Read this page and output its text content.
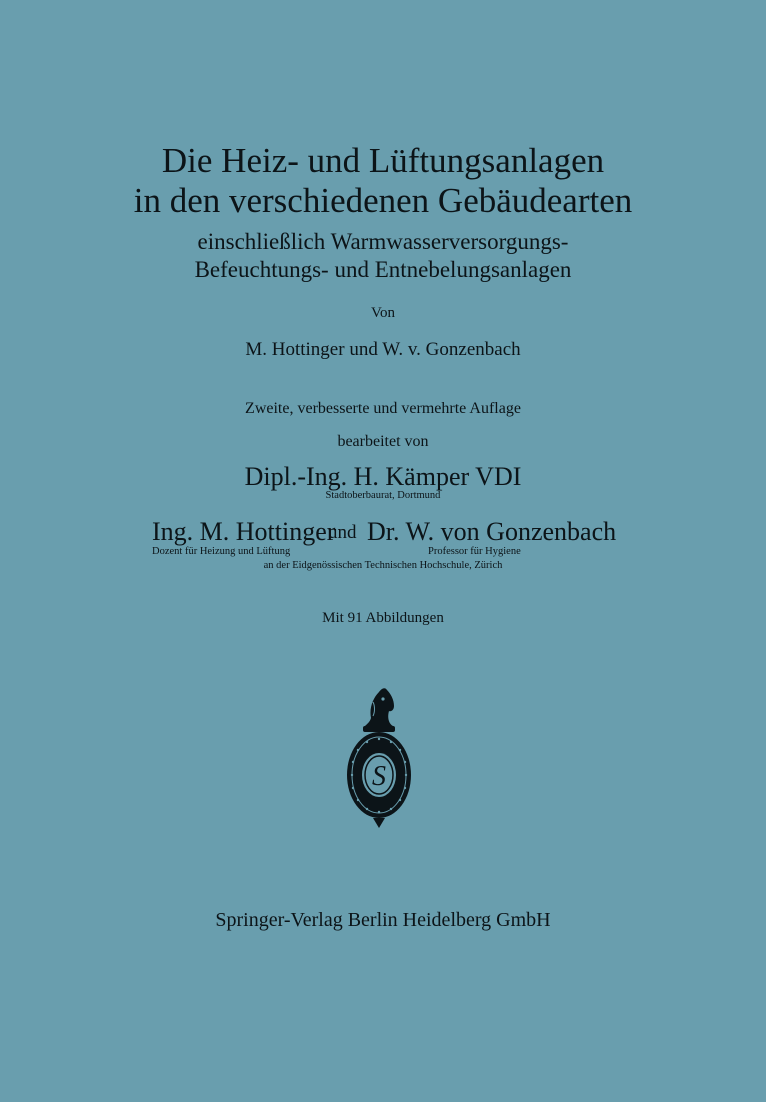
Die Heiz- und Lüftungsanlagen
in den verschiedenen Gebäudearten
einschließlich Warmwasserversorgungs-
Befeuchtungs- und Entnebelungsanlagen
Von
M. Hottinger und W. v. Gonzenbach
Zweite, verbesserte und vermehrte Auflage
bearbeitet von
Dipl.-Ing. H. Kämper VDI
Stadtoberbaurat, Dortmund
Ing. M. Hottinger
und Dr. W. von Gonzenbach
Dozent für Heizung und Lüftung	Professor für Hygiene
an der Eidgenössischen Technischen Hochschule, Zürich
Mit 91 Abbildungen
S
Springer-Verlag Berlin Heidelberg GmbH
